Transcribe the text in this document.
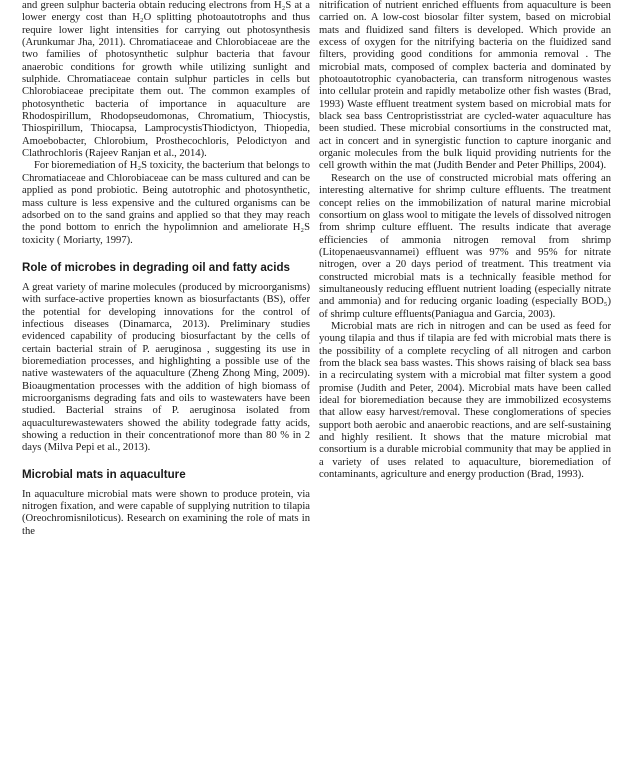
and green sulphur bacteria obtain reducing electrons from H₂S at a lower energy cost than H₂O splitting photoautotrophs and thus require lower light intensities for carrying out photosynthesis (Arunkumar Jha, 2011). Chromatiaceae and Chlorobiaceae are the two families of photosynthetic sulphur bacteria that favour anaerobic conditions for growth while utilizing sunlight and sulphide. Chromatiaceae contain sulphur particles in cells but Chlorobiaceae precipitate them out. The common examples of photosynthetic bacteria of importance in aquaculture are Rhodospirillum, Rhodopseudomonas, Chromatium, Thiocystis, Thiospirillum, Thiocapsa, LamprocystisThiodictyon, Thiopedia, Amoebobacter, Chlorobium, Prosthecochloris, Pelodictyon and Clathrochloris (Rajeev Ranjan et al., 2014).

For bioremediation of H₂S toxicity, the bacterium that belongs to Chromatiaceae and Chlorobiaceae can be mass cultured and can be applied as pond probiotic. Being autotrophic and photosynthetic, mass culture is less expensive and the cultured organisms can be adsorbed on to the sand grains and applied so that they may reach the pond bottom to enrich the hypolimnion and ameliorate H₂S toxicity ( Moriarty, 1997).

Role of microbes in degrading oil and fatty acids

A great variety of marine molecules (produced by microorganisms) with surface-active properties known as biosurfactants (BS), offer the potential for developing innovations for the control of infectious diseases (Dinamarca, 2013). Preliminary studies evidenced capability of producing biosurfactant by the cells of certain bacterial strain of P. aeruginosa , suggesting its use in bioremediation processes, and highlighting a possible use of the native wastewaters of the aquaculture (Zheng Zhong Ming, 2009). Bioaugmentation processes with the addition of high biomass of microorganisms degrading fats and oils to wastewaters have been studied. Bacterial strains of P. aeruginosa isolated from aquaculturewastewaters showed the ability todegrade fatty acids, showing a reduction in their concentrationof more than 80 % in 2 days (Milva Pepi et al., 2013).

Microbial mats in aquaculture

In aquaculture microbial mats were shown to produce protein, via nitrogen fixation, and were capable of supplying nutrition to tilapia (Oreochromisniloticus). Research on examining the role of mats in the

nitrification of nutrient enriched effluents from aquaculture is been carried on. A low-cost biosolar filter system, based on microbial mats and fluidized sand filters is developed. Which provide an excess of oxygen for the nitrifying bacteria on the fluidized sand filters, providing good conditions for ammonia removal . The microbial mats, composed of complex bacteria and dominated by photoautotrophic cyanobacteria, can transform nitrogenous wastes into cellular protein and rapidly metabolize other fish wastes (Brad, 1993) Waste effluent treatment system based on microbial mats for black sea bass Centropristisstriat are cycled-water aquaculture has been studied. These microbial consortiums in the constructed mat, act in concert and in synergistic function to capture inorganic and organic molecules from the bulk liquid providing nutrients for the cell growth within the mat (Judith Bender and Peter Phillips, 2004).

Research on the use of constructed microbial mats offering an interesting alternative for shrimp culture effluents. The treatment concept relies on the immobilization of natural marine microbial consortium on glass wool to mitigate the levels of dissolved nitrogen from shrimp culture effluent. The results indicate that average efficiencies of ammonia nitrogen removal from shrimp (Litopenaeusvannamei) effluent was 97% and 95% for nitrate nitrogen, over a 20 days period of treatment. This treatment via constructed microbial mats is a technically feasible method for simultaneously reducing effluent nutrient loading (especially nitrate and ammonia) and for reducing organic loading (especially BOD₅) of shrimp culture effluents(Paniagua and Garcia, 2003).

Microbial mats are rich in nitrogen and can be used as feed for young tilapia and thus if tilapia are fed with microbial mats there is the possibility of a complete recycling of all nitrogen and carbon from the black sea bass wastes. This shows raising of black sea bass in a recirculating system with a microbial mat filter system a good promise (Judith and Peter, 2004). Microbial mats have been called ideal for bioremediation because they are immobilized ecosystems that allow easy harvest/removal. These conglomerations of species support both aerobic and anaerobic reactions, and are self-sustaining and highly resilient. It shows that the mature microbial mat consortium is a durable microbial community that may be applied in a variety of uses related to aquaculture, bioremediation of contaminants, agriculture and energy production (Brad, 1993).
